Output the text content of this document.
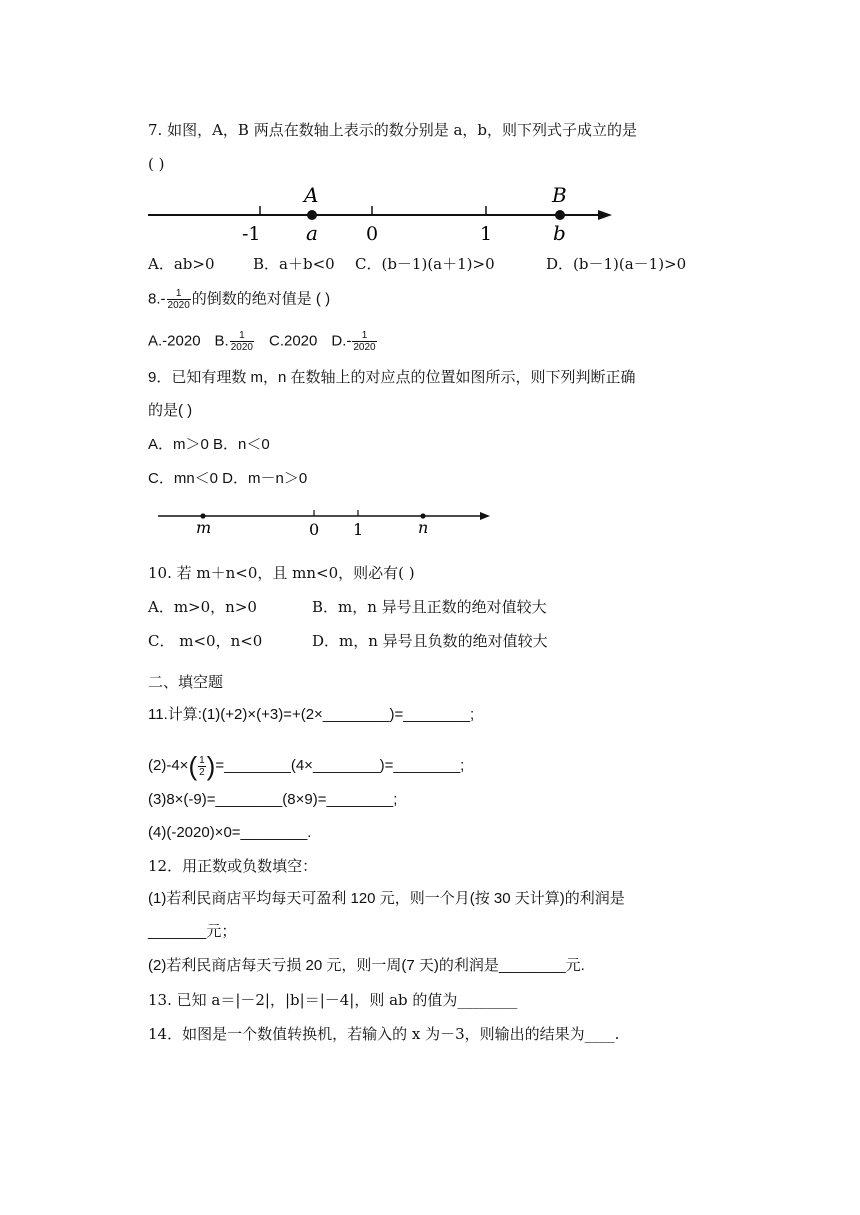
7. 如图，A，B 两点在数轴上表示的数分别是 a，b，则下列式子成立的是
( )
A	B
-1 a	0	1	b
A．ab>0	B．a＋b<0 C．(b－1)(a＋1)>0	D．(b－1)(a－1)>0
$8.- \frac{1}{2020}$ 的倒数的绝对值是 ( )
A.-2020 B. $\frac{1}{2020} C.2020$ $D.- \frac{1}{2020}$
9．已知有理数 m，n 在数轴上的对应点的位置如图所示，则下列判断正确
的是( )
A．m＞0 B．n＜0
C．mn＜0 D．m－n＞0
m	0 1	n
10. 若 m＋n<0，且 mn<0，则必有( )
A．m>0，n>0	B．m，n 异号且正数的绝对值较大
C． m<0，n<0	D．m，n 异号且负数的绝对值较大
二、填空题
11.计算:(1)(+2)×(+3)=+(2×________)=________;
$(2)-4\times( \frac{1}{2}$ )=________(4×________)=________;
(3)8×(-9)=________(8×9)=________;
(4)(-2020)×0=________.
12．用正数或负数填空：
(1)若利民商店平均每天可盈利 120 元，则一个月(按 30 天计算)的利润是
_______元；
(2)若利民商店每天亏损 20 元，则一周(7 天)的利润是________元.
13. 已知 a＝|－2|，|b|＝|－4|，则 ab 的值为________
14．如图是一个数值转换机，若输入的 x 为－3，则输出的结果为____.
